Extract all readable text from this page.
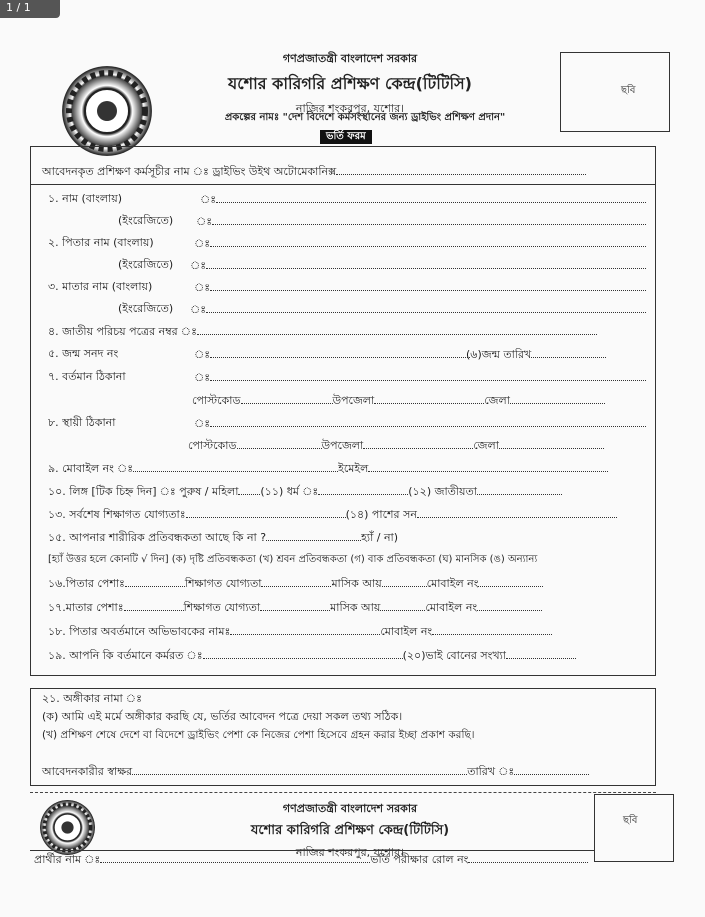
1 / 1
গণপ্রজাতন্ত্রী বাংলাদেশ সরকার
যশোর কারিগরি প্রশিক্ষণ কেন্দ্র(টিটিসি)
নাজির শংকরপুর, যশোর।
প্রকল্পের নামঃ "দেশ বিদেশে কর্মসংস্থানের জন্য ড্রাইভিং প্রশিক্ষণ প্রদান"
ভর্তি ফরম
ছবি
আবেদনকৃত প্রশিক্ষণ কর্মসূচীর নাম ঃ ড্রাইভিং উইথ অটোমেকানিক্স
১. নাম (বাংলায়)	ঃ
(ইংরেজিতে) ঃ
২. পিতার নাম (বাংলায়)	ঃ
(ইংরেজিতে) ঃ
৩. মাতার নাম (বাংলায়)	ঃ
(ইংরেজিতে) ঃ
৪. জাতীয় পরিচয় পত্রের নম্বর ঃ
৫. জন্ম সনদ নং	ঃ	(৬)জন্ম তারিখ
৭. বর্তমান ঠিকানা	ঃ
পোস্টকোড	উপজেলা	জেলা
৮. স্থায়ী ঠিকানা	ঃ
পোস্টকোড	উপজেলা	জেলা
৯. মোবাইল নং ঃ	ইমেইল
১০. লিঙ্গ [টিক চিহ্ন দিন] ঃ পুরুষ / মহিলা (১১) ধর্ম ঃ	(১২) জাতীয়তা
১৩. সর্বশেষ শিক্ষাগত যোগ্যতাঃ	(১৪) পাশের সন
১৫. আপনার শারীরিক প্রতিবন্ধকতা আছে কি না ?	হ্যাঁ / না)
[হ্যাঁ উত্তর হলে কোনটি √ দিন] (ক) দৃষ্টি প্রতিবন্ধকতা (খ) শ্রবন প্রতিবন্ধকতা (গ) বাক প্রতিবন্ধকতা (ঘ) মানসিক (ঙ) অন্যান্য
১৬.পিতার পেশাঃ	শিক্ষাগত যোগ্যতা	মাসিক আয়	মোবাইল নং
১৭.মাতার পেশাঃ	শিক্ষাগত যোগ্যতা	মাসিক আয়	মোবাইল নং
১৮. পিতার অবর্তমানে অভিভাবকের নামঃ	মোবাইল নং
১৯. আপনি কি বর্তমানে কর্মরত ঃ	(২০)ভাই বোনের সংখ্যা
২১. অঙ্গীকার নামা ঃ
(ক) আমি এই মর্মে অঙ্গীকার করছি যে, ভর্তির আবেদন পত্রে দেয়া সকল তথ্য সঠিক।
(খ) প্রশিক্ষণ শেষে দেশে বা বিদেশে ড্রাইভিং পেশা কে নিজের পেশা হিসেবে গ্রহন করার ইচ্ছা প্রকাশ করছি।
আবেদনকারীর স্বাক্ষর	তারিখ ঃ
গণপ্রজাতন্ত্রী বাংলাদেশ সরকার
যশোর কারিগরি প্রশিক্ষণ কেন্দ্র(টিটিসি)
নাজির শংকরপুর, যশোর।
ছবি
প্রার্থীর নাম ঃ	ভর্তি পরীক্ষার রোল নং
